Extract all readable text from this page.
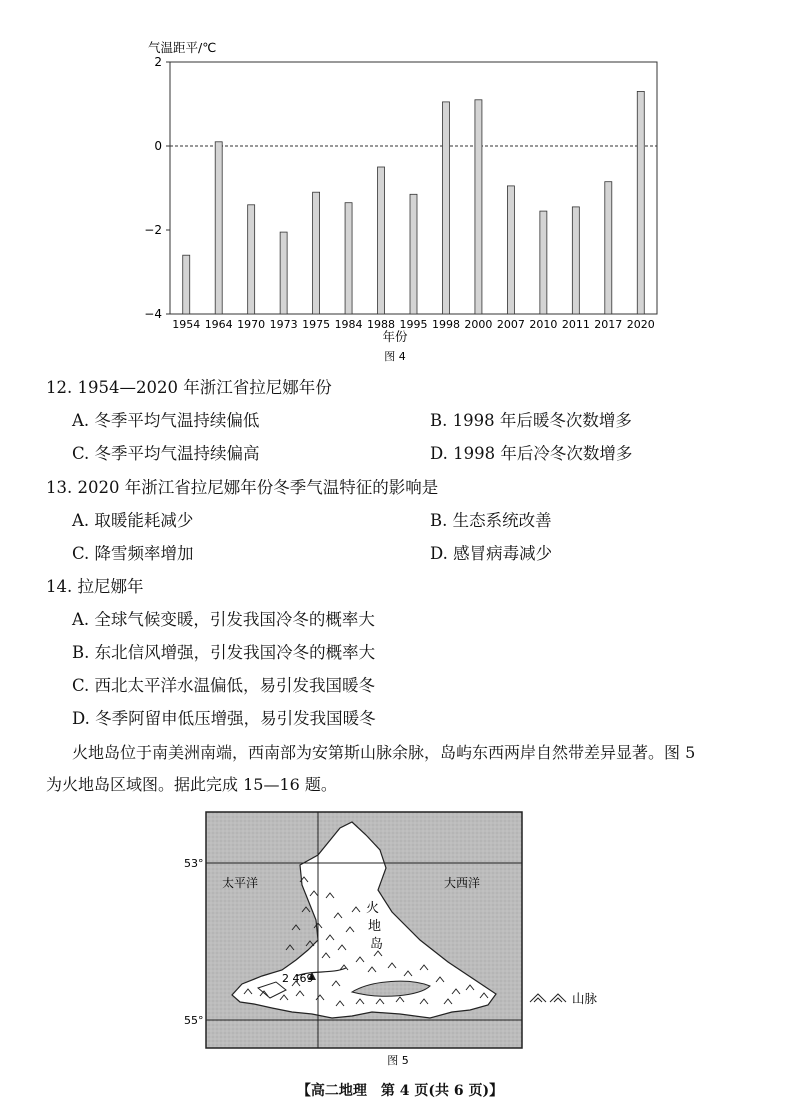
气温距平/℃
2
0
−2
−4
1954 1964 1970 1973 1975 1984 1988 1995 1998 2000 2007 2010 2011 2017 2020
年份
图 4
12. 1954—2020 年浙江省拉尼娜年份
A. 冬季平均气温持续偏低	B. 1998 年后暖冬次数增多
C. 冬季平均气温持续偏高	D. 1998 年后冷冬次数增多
13. 2020 年浙江省拉尼娜年份冬季气温特征的影响是
A. 取暖能耗减少	B. 生态系统改善
C. 降雪频率增加	D. 感冒病毒减少
14. 拉尼娜年
A. 全球气候变暖，引发我国冷冬的概率大
B. 东北信风增强，引发我国冷冬的概率大
C. 西北太平洋水温偏低，易引发我国暖冬
D. 冬季阿留申低压增强，易引发我国暖冬
火地岛位于南美洲南端，西南部为安第斯山脉余脉，岛屿东西两岸自然带差异显著。图 5
为火地岛区域图。据此完成 15—16 题。
2 469
53°
55°
太平洋	大西洋
火
地
岛
山脉
图 5
【高二地理　第 4 页(共 6 页)】
